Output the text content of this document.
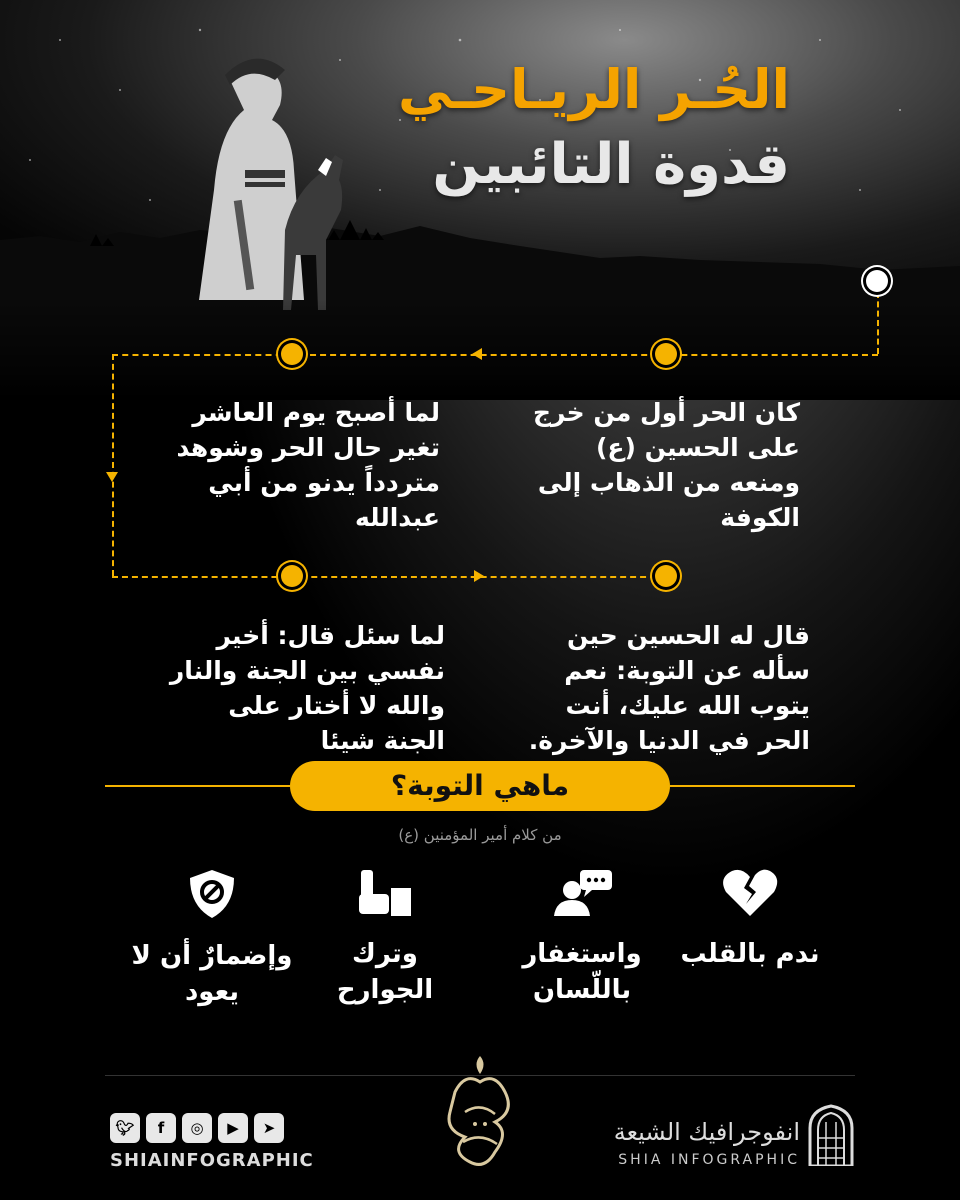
الحُـر الريـاحـي
قدوة التائبين
كان الحر أول من خرج على الحسين (ع) ومنعه من الذهاب إلى الكوفة
لما أصبح يوم العاشر تغير حال الحر وشوهد متردداً يدنو من أبي عبدالله
قال له الحسين حين سأله عن التوبة: نعم يتوب الله عليك، أنت الحر في الدنيا والآخرة.
لما سئل قال: أخير نفسي بين الجنة والنار والله لا أختار على الجنة شيئا
ماهي التوبة؟
من كلام أمير المؤمنين (ع)
ندم بالقلب
واستغفار باللّسان
وترك الجوارح
وإضمارٌ أن لا يعود
🐦︎	f	◎	▶	➤
SHIAINFOGRAPHIC
انفوجرافيك الشيعة
SHIA INFOGRAPHIC
